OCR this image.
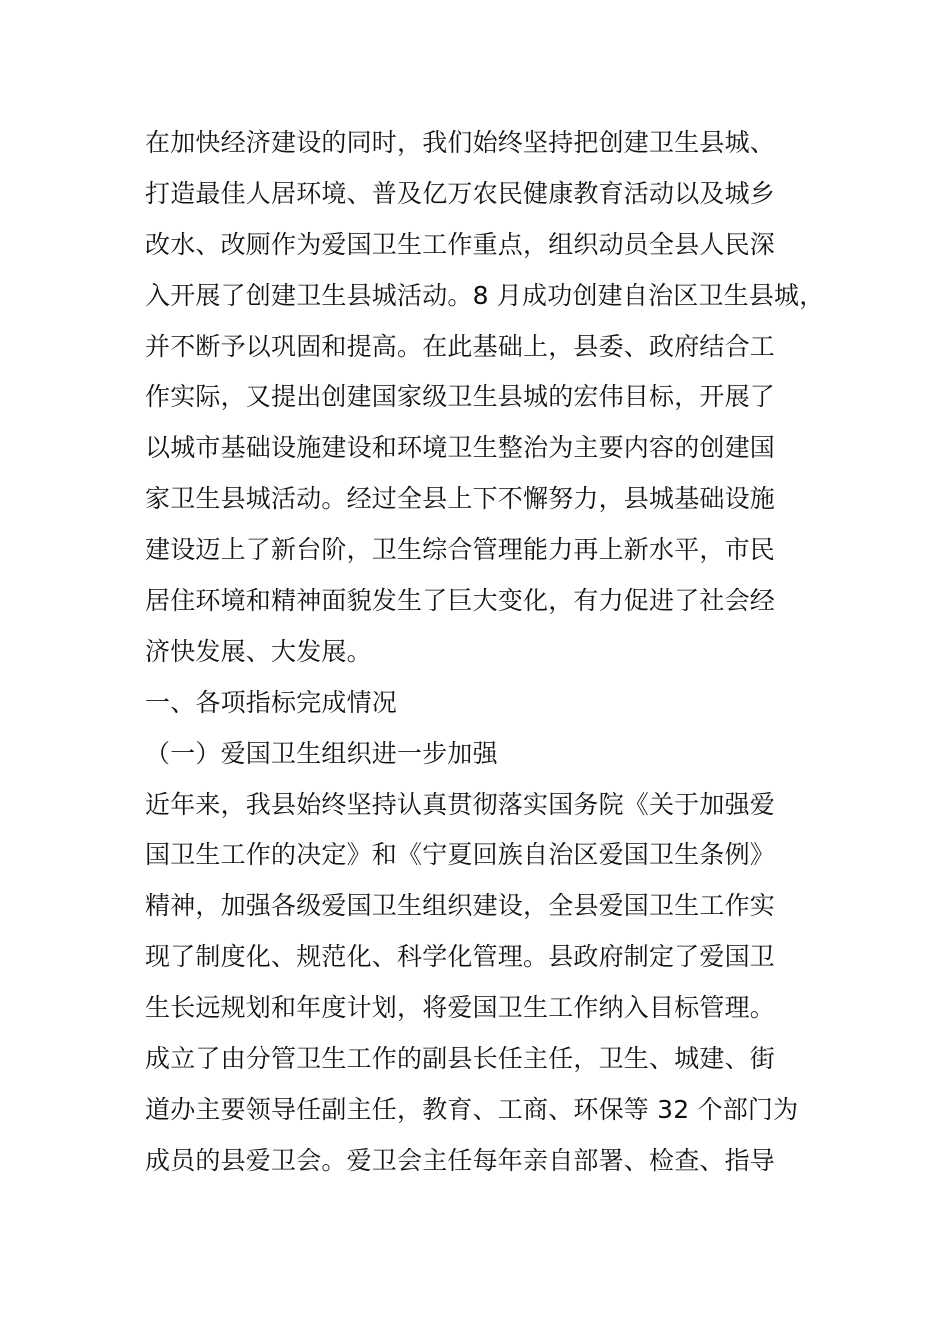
在加快经济建设的同时，我们始终坚持把创建卫生县城、
打造最佳人居环境、普及亿万农民健康教育活动以及城乡
改水、改厕作为爱国卫生工作重点，组织动员全县人民深
入开展了创建卫生县城活动。8 月成功创建自治区卫生县城，
并不断予以巩固和提高。在此基础上，县委、政府结合工
作实际，又提出创建国家级卫生县城的宏伟目标，开展了
以城市基础设施建设和环境卫生整治为主要内容的创建国
家卫生县城活动。经过全县上下不懈努力，县城基础设施
建设迈上了新台阶，卫生综合管理能力再上新水平，市民
居住环境和精神面貌发生了巨大变化，有力促进了社会经
济快发展、大发展。
一、各项指标完成情况
（一）爱国卫生组织进一步加强
近年来，我县始终坚持认真贯彻落实国务院《关于加强爱
国卫生工作的决定》和《宁夏回族自治区爱国卫生条例》
精神，加强各级爱国卫生组织建设，全县爱国卫生工作实
现了制度化、规范化、科学化管理。县政府制定了爱国卫
生长远规划和年度计划，将爱国卫生工作纳入目标管理。
成立了由分管卫生工作的副县长任主任，卫生、城建、街
道办主要领导任副主任，教育、工商、环保等 32 个部门为
成员的县爱卫会。爱卫会主任每年亲自部署、检查、指导
